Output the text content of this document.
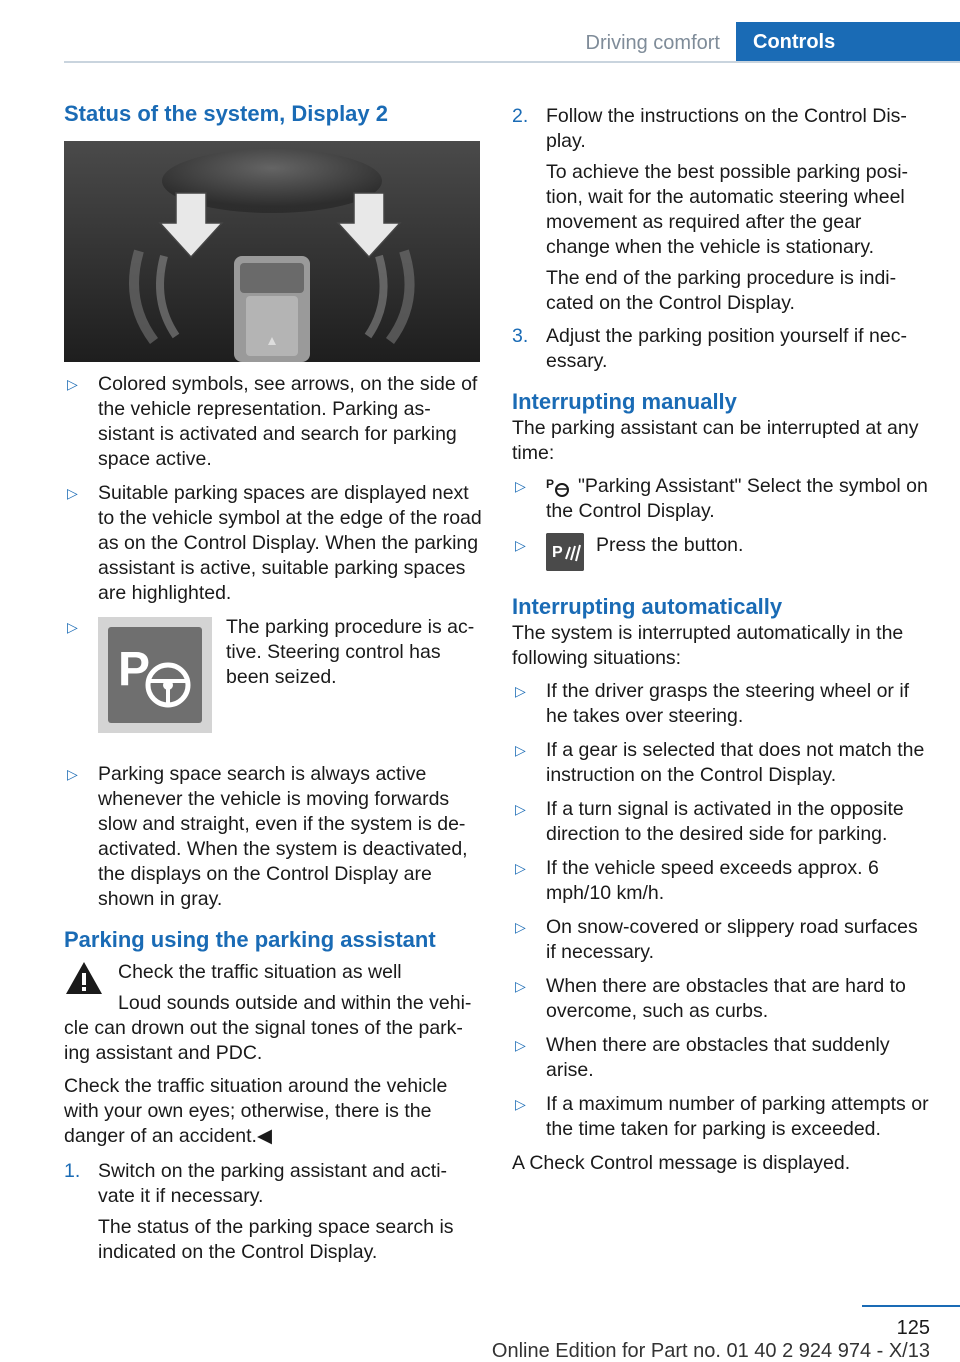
Driving comfort	Controls
Status of the system, Display 2
▷ Colored symbols, see arrows, on the side of the vehicle representation. Parking as- sistant is activated and search for parking space active.
▷ Suitable parking spaces are displayed next to the vehicle symbol at the edge of the road as on the Control Display. When the parking assistant is active, suitable parking spaces are highlighted.
▷
P
The parking procedure is ac- tive. Steering control has been seized.
▷ Parking space search is always active whenever the vehicle is moving forwards slow and straight, even if the system is de- activated. When the system is deactivated, the displays on the Control Display are shown in gray.
Parking using the parking assistant
Check the traffic situation as well
Loud sounds outside and within the vehi- cle can drown out the signal tones of the park- ing assistant and PDC.
Check the traffic situation around the vehicle with your own eyes; otherwise, there is the danger of an accident.◀
1. Switch on the parking assistant and acti- vate it if necessary.
The status of the parking space search is indicated on the Control Display.
2. Follow the instructions on the Control Dis- play.
To achieve the best possible parking posi- tion, wait for the automatic steering wheel movement as required after the gear change when the vehicle is stationary.
The end of the parking procedure is indi- cated on the Control Display.
3. Adjust the parking position yourself if nec- essary.
Interrupting manually
The parking assistant can be interrupted at any time:
▷ P "Parking Assistant" Select the symbol on the Control Display.
▷ P Press the button.
Interrupting automatically
The system is interrupted automatically in the following situations:
▷ If the driver grasps the steering wheel or if he takes over steering.
▷ If a gear is selected that does not match the instruction on the Control Display.
▷ If a turn signal is activated in the opposite direction to the desired side for parking.
▷ If the vehicle speed exceeds approx. 6 mph/10 km/h.
▷ On snow-covered or slippery road surfaces if necessary.
▷ When there are obstacles that are hard to overcome, such as curbs.
▷ When there are obstacles that suddenly arise.
▷ If a maximum number of parking attempts or the time taken for parking is exceeded.
A Check Control message is displayed.
125
Online Edition for Part no. 01 40 2 924 974 - X/13
